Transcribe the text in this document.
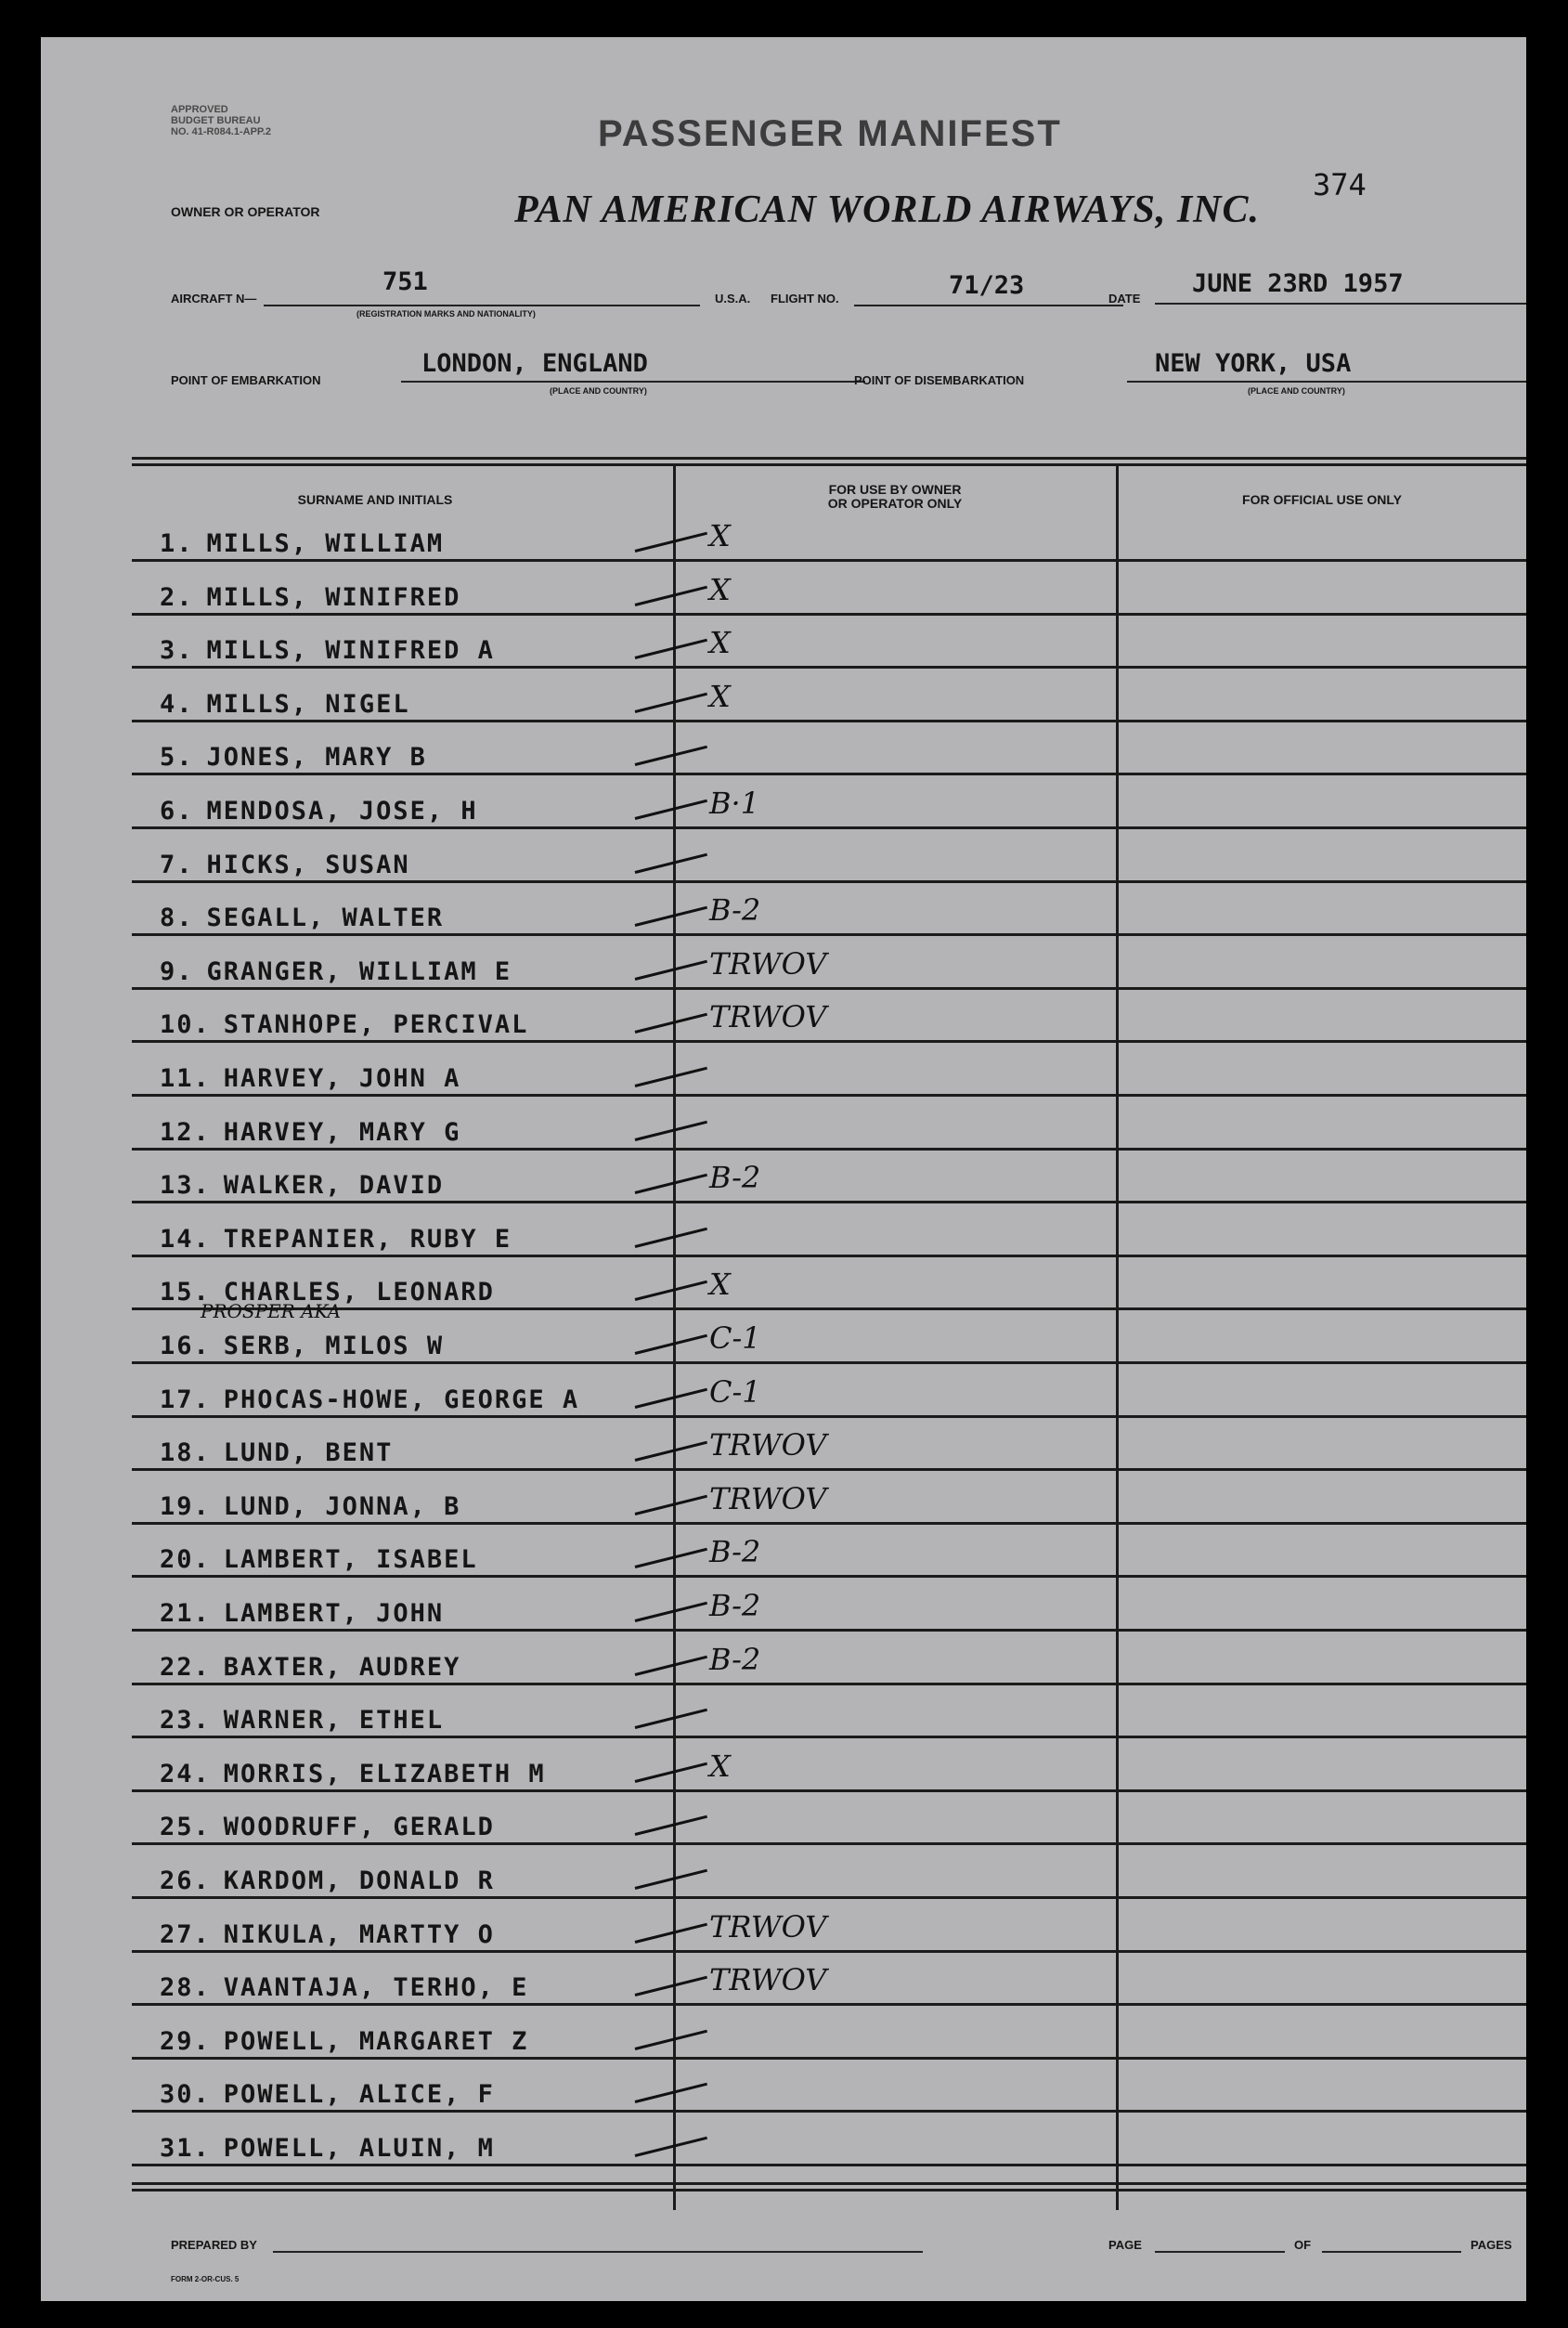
APPROVED
BUDGET BUREAU
NO. 41-R084.1-APP.2	PASSENGER MANIFEST
374
OWNER OR OPERATOR	PAN AMERICAN WORLD AIRWAYS, INC.
AIRCRAFT N—
751
(REGISTRATION MARKS AND NATIONALITY)
U.S.A. FLIGHT NO.	71/23	DATE
JUNE 23RD 1957
POINT OF EMBARKATION
LONDON, ENGLAND
(PLACE AND COUNTRY)
POINT OF DISEMBARKATION
NEW YORK, USA
(PLACE AND COUNTRY)
SURNAME AND INITIALS
FOR USE BY OWNER
OR OPERATOR ONLY	FOR OFFICIAL USE ONLY
1. MILLS, WILLIAM	X
2. MILLS, WINIFRED	X
3. MILLS, WINIFRED A	X
4. MILLS, NIGEL	X
5. JONES, MARY B
6. MENDOSA, JOSE, H	B·1
7. HICKS, SUSAN
8. SEGALL, WALTER	B-2
9. GRANGER, WILLIAM E	TRWOV
10. STANHOPE, PERCIVAL	TRWOV
11. HARVEY, JOHN A
12. HARVEY, MARY G
13. WALKER, DAVID	B-2
14. TREPANIER, RUBY E
15. CHARLES, LEONARD	X
16. SERB, MILOS W	C-1
17. PHOCAS-HOWE, GEORGE A	C-1
18. LUND, BENT	TRWOV
19. LUND, JONNA, B	TRWOV
20. LAMBERT, ISABEL	B-2
21. LAMBERT, JOHN	B-2
22. BAXTER, AUDREY	B-2
23. WARNER, ETHEL
24. MORRIS, ELIZABETH M	X
25. WOODRUFF, GERALD
26. KARDOM, DONALD R
27. NIKULA, MARTTY O	TRWOV
28. VAANTAJA, TERHO, E	TRWOV
29. POWELL, MARGARET Z
30. POWELL, ALICE, F
31. POWELL, ALUIN, M
PROSPER AKA
PREPARED BY	PAGE	OF	PAGES
FORM 2-OR-CUS. 5
